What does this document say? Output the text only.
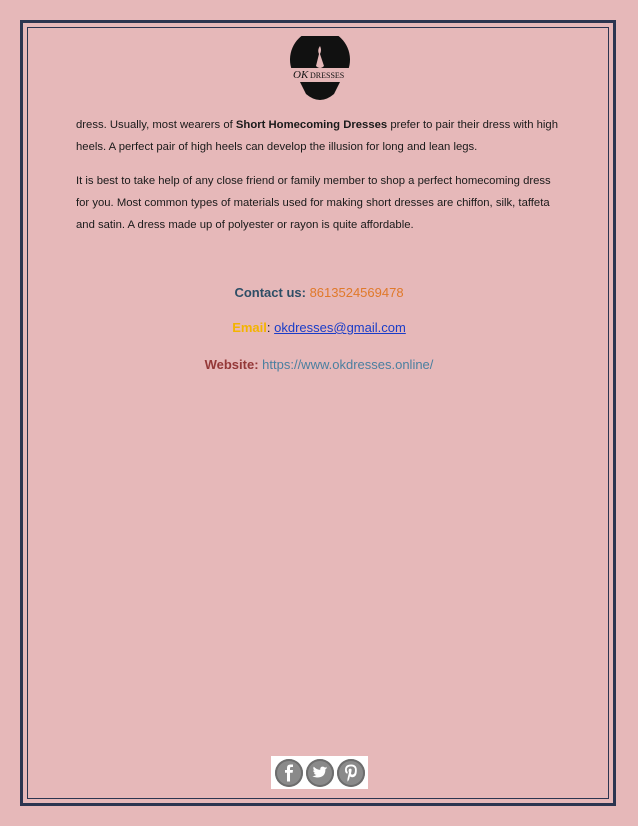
OK DRESSES

dress. Usually, most wearers of Short Homecoming Dresses prefer to pair their dress with high heels. A perfect pair of high heels can develop the illusion for long and lean legs.

It is best to take help of any close friend or family member to shop a perfect homecoming dress for you. Most common types of materials used for making short dresses are chiffon, silk, taffeta and satin. A dress made up of polyester or rayon is quite affordable.

Contact us: 8613524569478
Email: okdresses@gmail.com
Website: https://www.okdresses.online/
